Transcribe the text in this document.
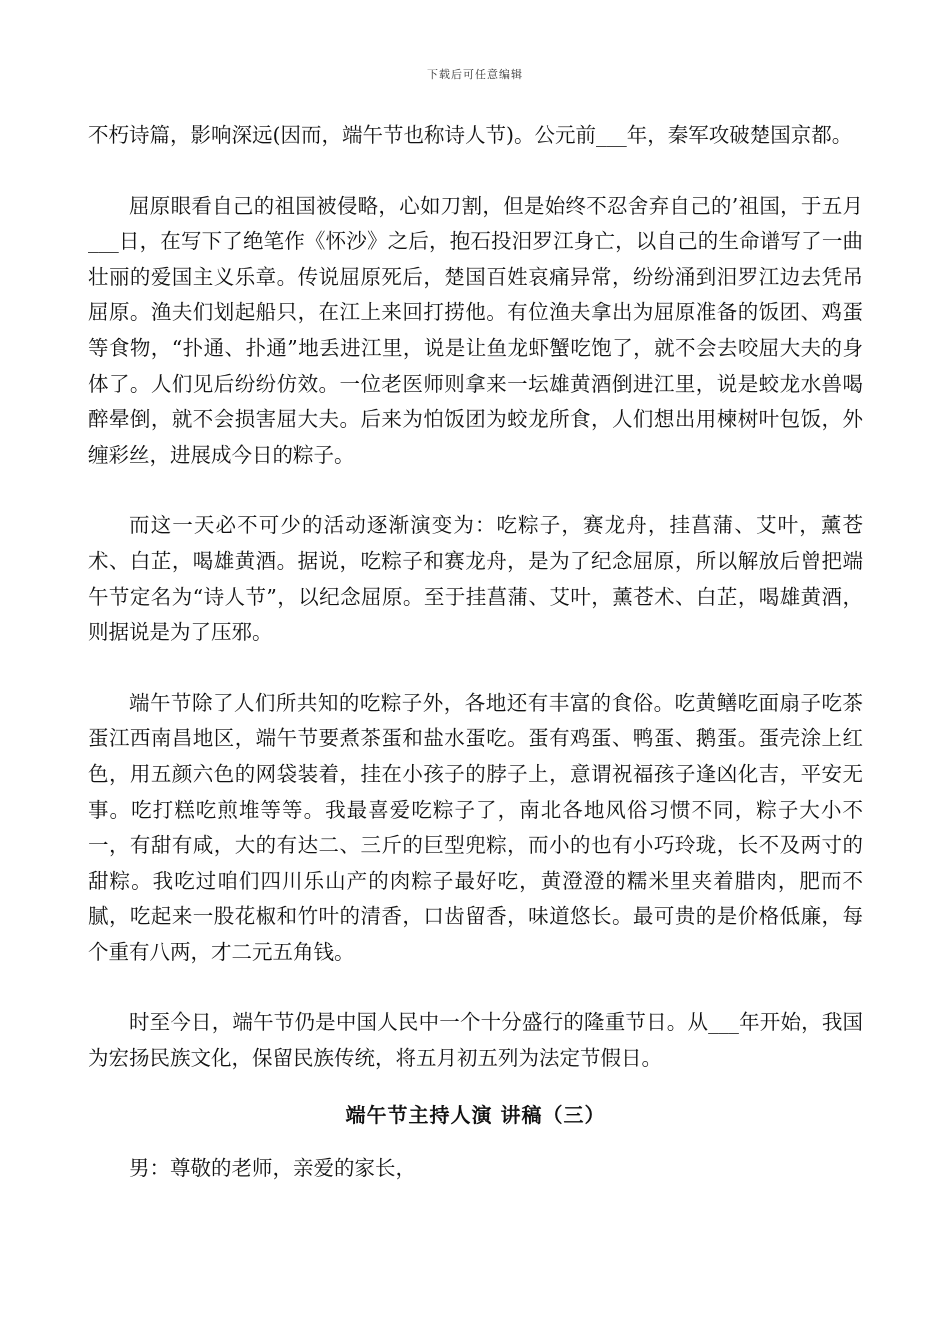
下载后可任意编辑

不朽诗篇，影响深远(因而，端午节也称诗人节)。公元前___年，秦军攻破楚国京都。

屈原眼看自己的祖国被侵略，心如刀割，但是始终不忍舍弃自己的’祖国，于五月___日，在写下了绝笔作《怀沙》之后，抱石投汨罗江身亡，以自己的生命谱写了一曲壮丽的爱国主义乐章。传说屈原死后，楚国百姓哀痛异常，纷纷涌到汨罗江边去凭吊屈原。渔夫们划起船只，在江上来回打捞他。有位渔夫拿出为屈原准备的饭团、鸡蛋等食物，“扑通、扑通”地丢进江里，说是让鱼龙虾蟹吃饱了，就不会去咬屈大夫的身体了。人们见后纷纷仿效。一位老医师则拿来一坛雄黄酒倒进江里，说是蛟龙水兽喝醉晕倒，就不会损害屈大夫。后来为怕饭团为蛟龙所食，人们想出用楝树叶包饭，外缠彩丝，进展成今日的粽子。

而这一天必不可少的活动逐渐演变为：吃粽子，赛龙舟，挂菖蒲、艾叶，薰苍术、白芷，喝雄黄酒。据说，吃粽子和赛龙舟，是为了纪念屈原，所以解放后曾把端午节定名为“诗人节”，以纪念屈原。至于挂菖蒲、艾叶，薰苍术、白芷，喝雄黄酒，则据说是为了压邪。

端午节除了人们所共知的吃粽子外，各地还有丰富的食俗。吃黄鳝吃面扇子吃茶蛋江西南昌地区，端午节要煮茶蛋和盐水蛋吃。蛋有鸡蛋、鸭蛋、鹅蛋。蛋壳涂上红色，用五颜六色的网袋装着，挂在小孩子的脖子上，意谓祝福孩子逢凶化吉，平安无事。吃打糕吃煎堆等等。我最喜爱吃粽子了，南北各地风俗习惯不同，粽子大小不一，有甜有咸，大的有达二、三斤的巨型兜粽，而小的也有小巧玲珑，长不及两寸的甜粽。我吃过咱们四川乐山产的肉粽子最好吃，黄澄澄的糯米里夹着腊肉，肥而不腻，吃起来一股花椒和竹叶的清香，口齿留香，味道悠长。最可贵的是价格低廉，每个重有八两，才二元五角钱。

时至今日，端午节仍是中国人民中一个十分盛行的隆重节日。从___年开始，我国为宏扬民族文化，保留民族传统，将五月初五列为法定节假日。

端午节主持人演 讲稿（三）

男：尊敬的老师，亲爱的家长，
